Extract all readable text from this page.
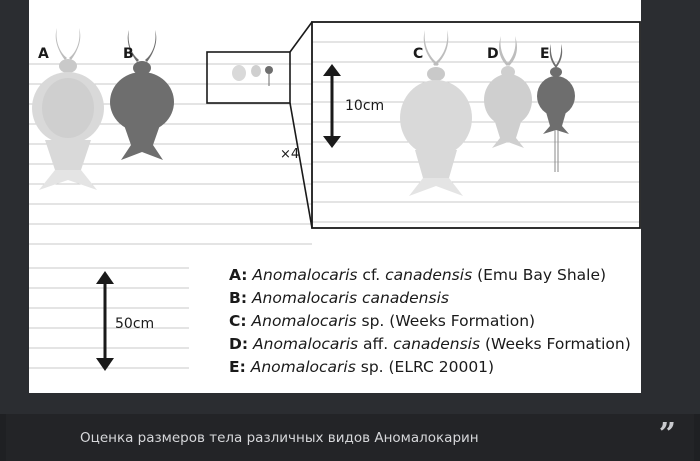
A	B	C	D	E
10cm
×4
50cm
A: Anomalocaris cf. canadensis (Emu Bay Shale)
B: Anomalocaris canadensis
C: Anomalocaris sp. (Weeks Formation)
D: Anomalocaris aff. canadensis (Weeks Formation)
E: Anomalocaris sp. (ELRC 20001)
Оценка размеров тела различных видов Аномалокарин	”
